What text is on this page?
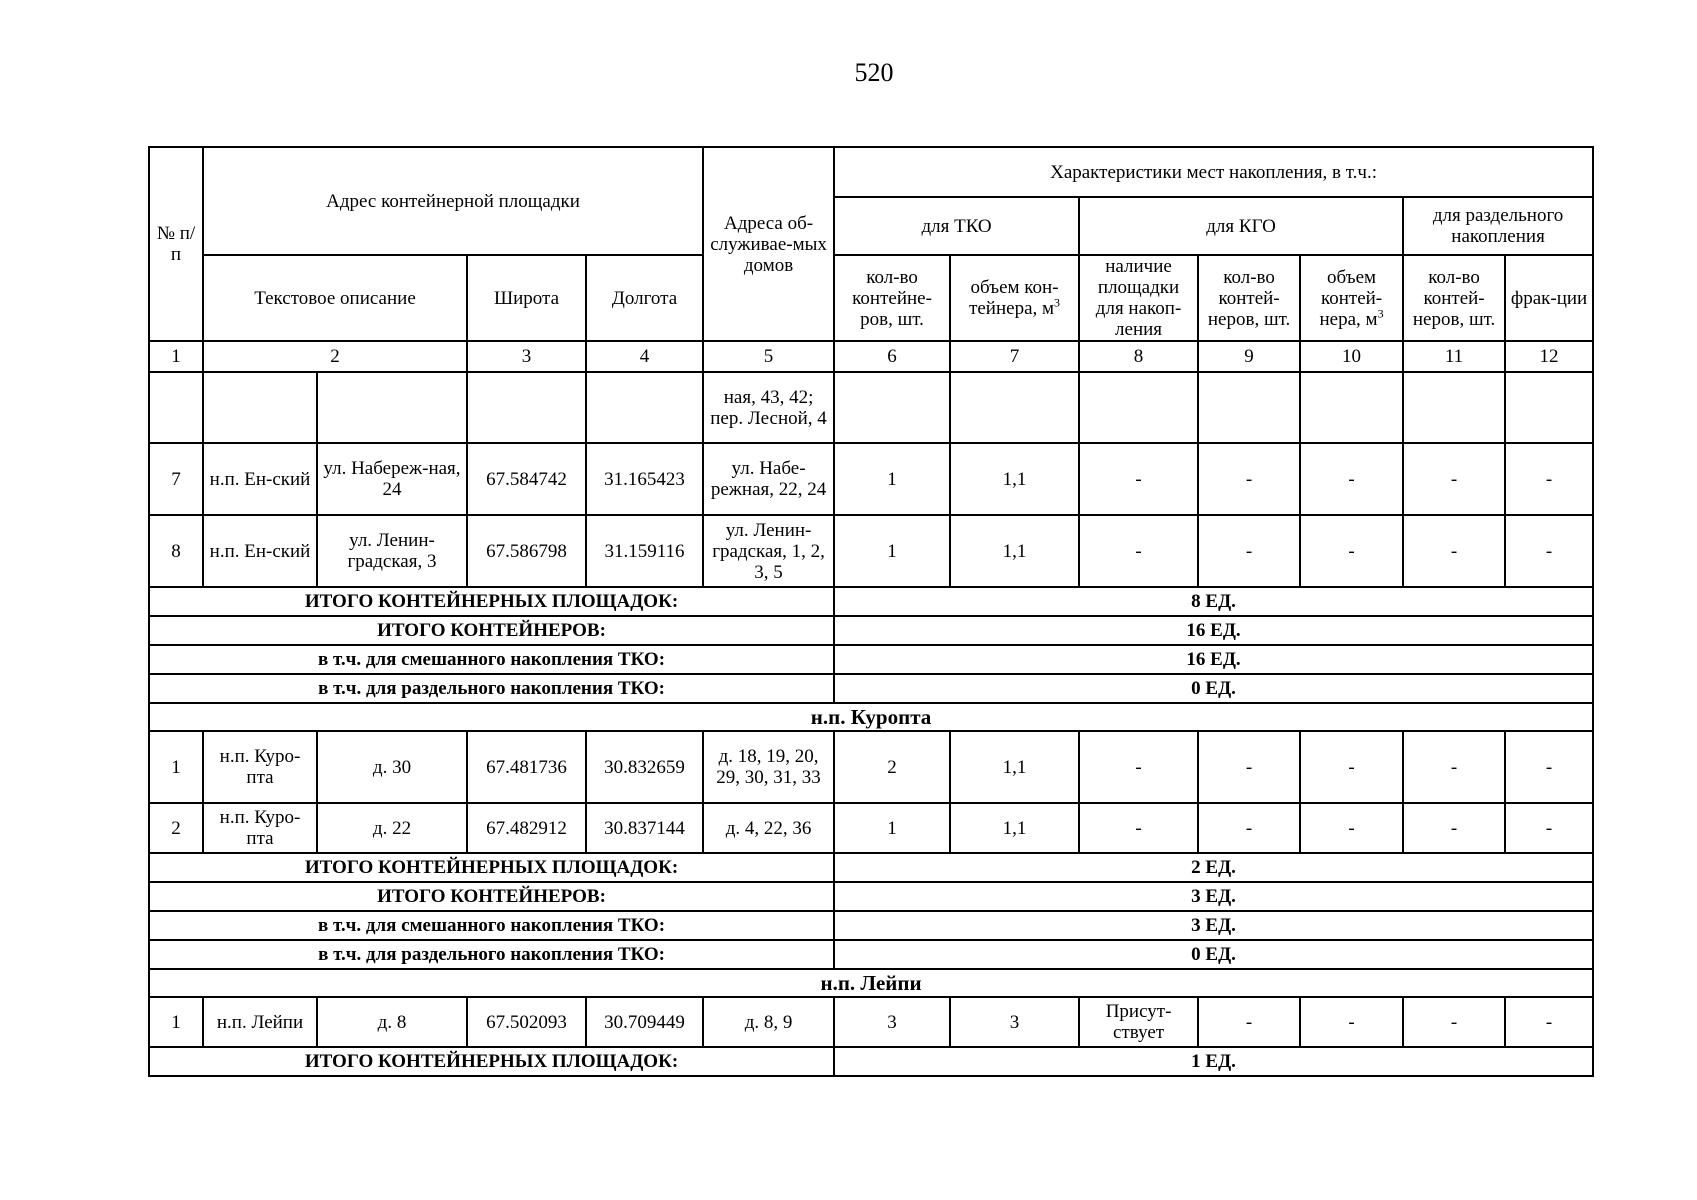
520
№ п/п	Адрес контейнерной площадки				Адреса об-служивае-мых домов	Характеристики мест накопления, в т.ч.:						
						для ТКО		для КГО			для раздельного накопления	
	Текстовое описание		Широта	Долгота		кол-во контейне-ров, шт.	объем кон-тейнера, $м^3$	наличие площадки для накоп-ления	кол-во контей-неров, шт.	объем контей-нера, $м^3$	кол-во контей-неров, шт.	фрак-ции
1	2		3	4	5	6	7	8	9	10	11	12
					ная, 43, 42; пер. Лесной, 4							
7	н.п. Ен-ский	ул. Набереж-ная, 24	67.584742	31.165423	ул. Набе-режная, 22, 24	1	1,1	-	-	-	-	-
8	н.п. Ен-ский	ул. Ленин-градская, 3	67.586798	31.159116	ул. Ленин-градская, 1, 2, 3, 5	1	1,1	-	-	-	-	-
ИТОГО КОНТЕЙНЕРНЫХ ПЛОЩАДОК:						8 ЕД.						
ИТОГО КОНТЕЙНЕРОВ:						16 ЕД.						
в т.ч. для смешанного накопления ТКО:						16 ЕД.						
в т.ч. для раздельного накопления ТКО:						0 ЕД.						
н.п. Куропта												
1	н.п. Куро-пта	д. 30	67.481736	30.832659	д. 18, 19, 20, 29, 30, 31, 33	2	1,1	-	-	-	-	-
2	н.п. Куро-пта	д. 22	67.482912	30.837144	д. 4, 22, 36	1	1,1	-	-	-	-	-
ИТОГО КОНТЕЙНЕРНЫХ ПЛОЩАДОК:						2 ЕД.						
ИТОГО КОНТЕЙНЕРОВ:						3 ЕД.						
в т.ч. для смешанного накопления ТКО:						3 ЕД.						
в т.ч. для раздельного накопления ТКО:						0 ЕД.						
н.п. Лейпи												
1	н.п. Лейпи	д. 8	67.502093	30.709449	д. 8, 9	3	3	Присут-ствует	-	-	-	-
ИТОГО КОНТЕЙНЕРНЫХ ПЛОЩАДОК:						1 ЕД.						
